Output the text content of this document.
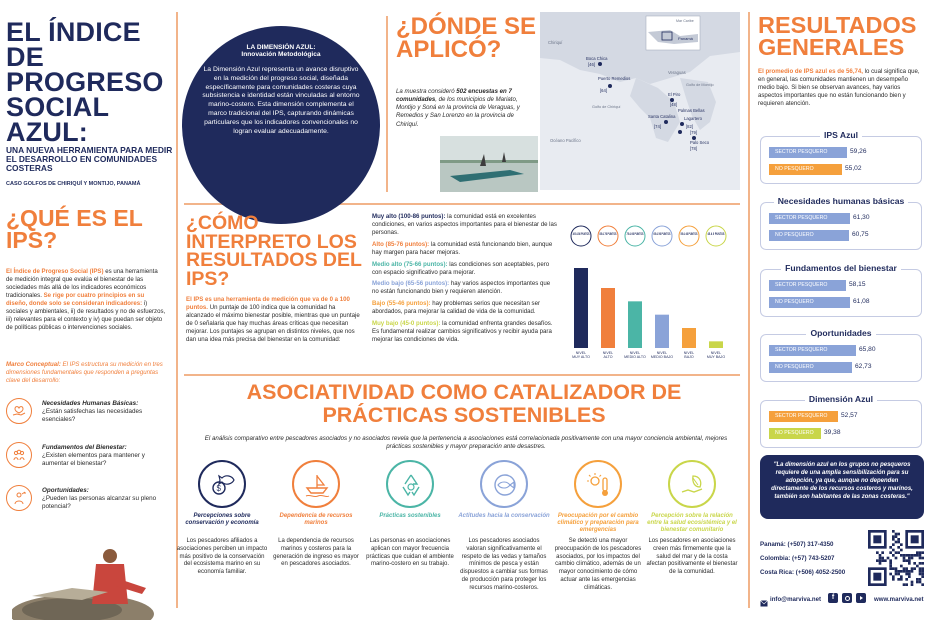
EL ÍNDICE DE PROGRESO SOCIAL AZUL:
UNA NUEVA HERRAMIENTA PARA MEDIR EL DESARROLLO EN COMUNIDADES COSTERAS
CASO GOLFOS DE CHIRIQUÍ Y MONTIJO, PANAMÁ
¿QUÉ ES EL IPS?
El Índice de Progreso Social (IPS) es una herramienta de medición integral que evalúa el bienestar de las sociedades más allá de los indicadores económicos tradicionales. Se rige por cuatro principios en su diseño, donde solo se consideran indicadores: i) sociales y ambientales, ii) de resultados y no de esfuerzos, iii) relevantes para el contexto y iv) que puedan ser objeto de políticas públicas o intervenciones sociales.
Marco Conceptual: El IPS estructura su medición en tres dimensiones fundamentales que responden a preguntas clave del desarrollo:
Necesidades Humanas Básicas:
¿Están satisfechas las necesidades esenciales?
Fundamentos del Bienestar:
¿Existen elementos para mantener y aumentar el bienestar?
Oportunidades:
¿Pueden las personas alcanzar su pleno potencial?
LA DIMENSIÓN AZUL:
Innovación Metodológica
La Dimensión Azul representa un avance disruptivo en la medición del progreso social, diseñada específicamente para comunidades costeras cuya subsistencia e identidad están vinculadas al entorno marino-costero. Esta dimensión complementa el marco tradicional del IPS, capturando dinámicas particulares que los indicadores convencionales no logran evaluar adecuadamente.
¿DÓNDE SE APLICÓ?
La muestra consideró 502 encuestas en 7 comunidades, de los municipios de Mariato, Montijo y Soná en la provincia de Veraguas, y Remedios y San Lorenzo en la provincia de Chiriquí.
Chiriquí
Boca Chica
[46]
Puerto Remedios
[64]
Veraguas
El Piro
[48]
Santa Catalina
[74]
Palmas Bellas
Lagartero
[82]
Palo Seco
[78]
[79]
Panamá
Mar Caribe
Océano Pacífico
Golfo de Chiriquí
Golfo de Montijo
¿CÓMO INTERPRETO LOS RESULTADOS DEL IPS?
El IPS es una herramienta de medición que va de 0 a 100 puntos. Un puntaje de 100 indica que la comunidad ha alcanzado el máximo bienestar posible, mientras que un puntaje de 0 señalaria que hay muchas áreas críticas que necesitan mejorar. Los puntajes se agrupan en distintos niveles, que nos dan una idea más precisa del bienestar en la comunidad:

Muy alto (100-86 puntos): la comunidad está en excelentes condiciones, en varios aspectos importantes para el bienestar de las personas.

Alto (85-76 puntos): la comunidad está funcionando bien, aunque hay margen para hacer mejoras.

Medio alto (75-66 puntos): las condiciones son aceptables, pero con espacio significativo para mejorar.

Medio bajo (65-56 puntos): hay varios aspectos importantes que no están funcionando bien y requieren atención.

Bajo (55-46 puntos): hay problemas serios que necesitan ser abordados, para mejorar la calidad de vida de la comunidad.

Muy bajo (45-0 puntos): la comunidad enfrenta grandes desafíos. Es fundamental realizar cambios significativos y recibir ayuda para mejorar las condiciones de vida.

100 A 86 PUNTOS
NIVEL MUY ALTO
85 A 76 PUNTOS
NIVEL ALTO
75 A 66 PUNTOS
NIVEL MEDIO ALTO
65 A 56 PUNTOS
NIVEL MEDIO BAJO
55 A 46 PUNTOS
NIVEL BAJO
45 A 0 PUNTOS
NIVEL MUY BAJO
ASOCIATIVIDAD COMO CATALIZADOR DE PRÁCTICAS SOSTENIBLES
El análisis comparativo entre pescadores asociados y no asociados revela que la pertenencia a asociaciones está correlacionada positivamente con una mayor conciencia ambiental, mejores prácticas sostenibles y mayor preparación ante desastres.
$
Percepciones sobre conservación y economía
Los pescadores afiliados a asociaciones perciben un impacto más positivo de la conservación del ecosistema marino en su economía familiar.
Dependencia de recursos marinos
La dependencia de recursos marinos y costeros para la generación de ingreso es mayor en pescadores asociados.
Prácticas sostenibles
Las personas en asociaciones aplican con mayor frecuencia prácticas que cuidan el ambiente marino-costero en su trabajo.
Actitudes hacia la conservación
Los pescadores asociados valoran significativamente el respeto de las vedas y tamaños mínimos de pesca y están dispuestos a cambiar sus formas de producción para proteger los recursos marino-costeros.
Preocupación por el cambio climático y preparación para emergencias
Se detectó una mayor preocupación de los pescadores asociados, por los impactos del cambio climático, además de un mayor conocimiento de cómo actuar ante las emergencias climáticas.
Percepción sobre la relación entre la salud ecosistémica y el bienestar comunitario
Los pescadores en asociaciones creen más firmemente que la salud del mar y de la costa afectan positivamente el bienestar de la comunidad.
RESULTADOS GENERALES
El promedio de IPS azul es de 56,74, lo cual significa que, en general, las comunidades mantienen un desempeño medio bajo. Si bien se observan avances, hay varios aspectos importantes que no están funcionando bien y requieren atención.
SECTOR PESQUERO	59,26
NO PESQUERO	55,02
IPS Azul
SECTOR PESQUERO	61,30
NO PESQUERO	60,75
Necesidades humanas básicas
SECTOR PESQUERO	58,15
NO PESQUERO	61,08
Fundamentos del bienestar
SECTOR PESQUERO	65,80
NO PESQUERO	62,73
Oportunidades
SECTOR PESQUERO	52,57
NO PESQUERO	39,38
Dimensión Azul
"La dimensión azul en los grupos no pesqueros requiere de una amplia sensibilización para su adopción, ya que, aunque no dependen directamente de los recursos costeros y marinos, también son habitantes de las zonas costeras."
Panamá: (+507) 317-4350
Colombia: (+57) 743-5207
Costa Rica: (+506) 4052-2500
info@marviva.net	f	www.marviva.net
